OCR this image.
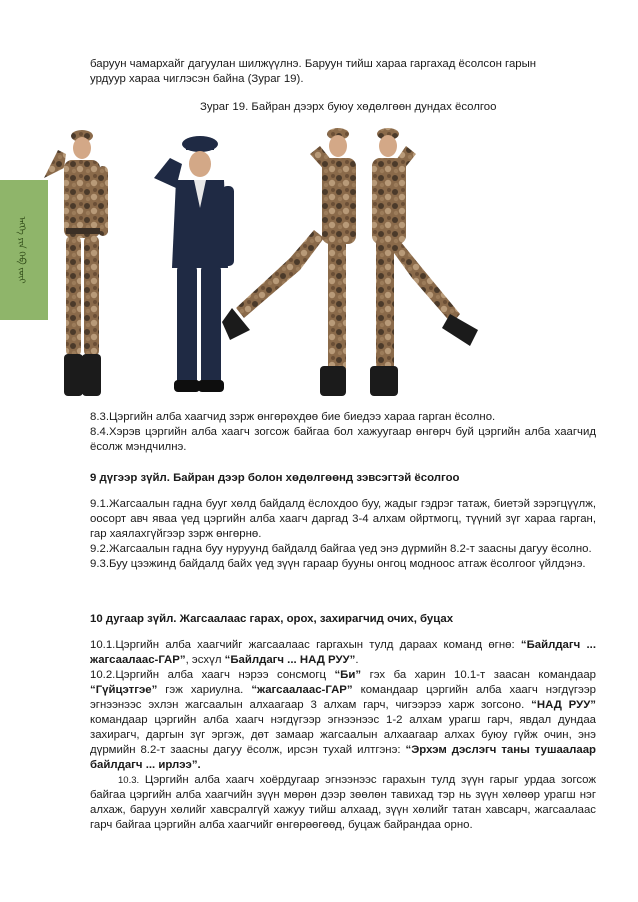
баруун чамархайг дагуулан шилжүүлнэ. Баруун тийш хараа гаргахад ёсолсон гарын

урдуур хараа чиглэсэн байна (Зураг 19).

Зураг 19. Байран дээрх буюу хөдөлгөөн дундах ёсолгоо
ᠡᠩᠭᠡ ᠶᠢᠨ ᠬᠡᠪ ᠵᠦᠢ

8.3.Цэргийн алба хаагчид зэрж өнгөрөхдөө бие биедээ хараа гарган ёсолно.

8.4.Хэрэв цэргийн алба хаагч зогсож байгаа бол хажуугаар өнгөрч буй цэргийн алба хаагчид ёсолж мэндчилнэ.

9 дүгээр зүйл. Байран дээр болон хөдөлгөөнд зэвсэгтэй ёсолгоо

9.1.Жагсаалын гадна бууг хөлд байдалд ёслохдоо буу, жадыг гэдрэг татаж, биетэй зэрэгцүүлж, оосорт авч яваа үед цэргийн алба хаагч даргад 3-4 алхам ойртмогц, түүний зүг хараа гарган, гар хаялахгүйгээр зэрж өнгөрнө.

9.2.Жагсаалын гадна буу нуруунд байдалд байгаа үед энэ дүрмийн 8.2-т заасны дагуу ёсолно.

9.3.Буу цээжинд байдалд байх үед зүүн гараар бууны онгоц модноос атгаж ёсолгоог үйлдэнэ.

10 дугаар зүйл. Жагсаалаас гарах, орох, захирагчид очих, буцах

10.1.Цэргийн алба хаагчийг жагсаалаас гаргахын тулд дараах команд өгнө: “Байлдагч ... жагсаалаас-ГАР”, эсхүл “Байлдагч ... НАД РУУ”.

10.2.Цэргийн алба хаагч нэрээ сонсмогц “Би” гэх ба харин 10.1-т заасан командаар “Гүйцэтгэе” гэж хариулна. “жагсаалаас-ГАР” командаар цэргийн алба хаагч нэгдүгээр эгнээнээс эхлэн жагсаалын алхаагаар 3 алхам гарч, чигээрээ харж зогсоно. “НАД РУУ” командаар цэргийн алба хаагч нэгдүгээр эгнээнээс 1-2 алхам урагш гарч, явдал дундаа захирагч, даргын зүг эргэж, дөт замаар жагсаалын алхаагаар алхах буюу гүйж очин, энэ дүрмийн 8.2-т заасны дагуу ёсолж, ирсэн тухай илтгэнэ: “Эрхэм дэслэгч таны тушаалаар байлдагч ... ирлээ”.

10.3. Цэргийн алба хаагч хоёрдугаар эгнээнээс гарахын тулд зүүн гарыг урдаа зогсож байгаа цэргийн алба хаагчийн зүүн мөрөн дээр зөөлөн тавихад тэр нь зүүн хөлөөр урагш нэг алхаж, баруун хөлийг хавсралгүй хажуу тийш алхаад, зүүн хөлийг татан хавсарч, жагсаалаас гарч байгаа цэргийн алба хаагчийг өнгөрөөгөөд, буцаж байрандаа орно.
